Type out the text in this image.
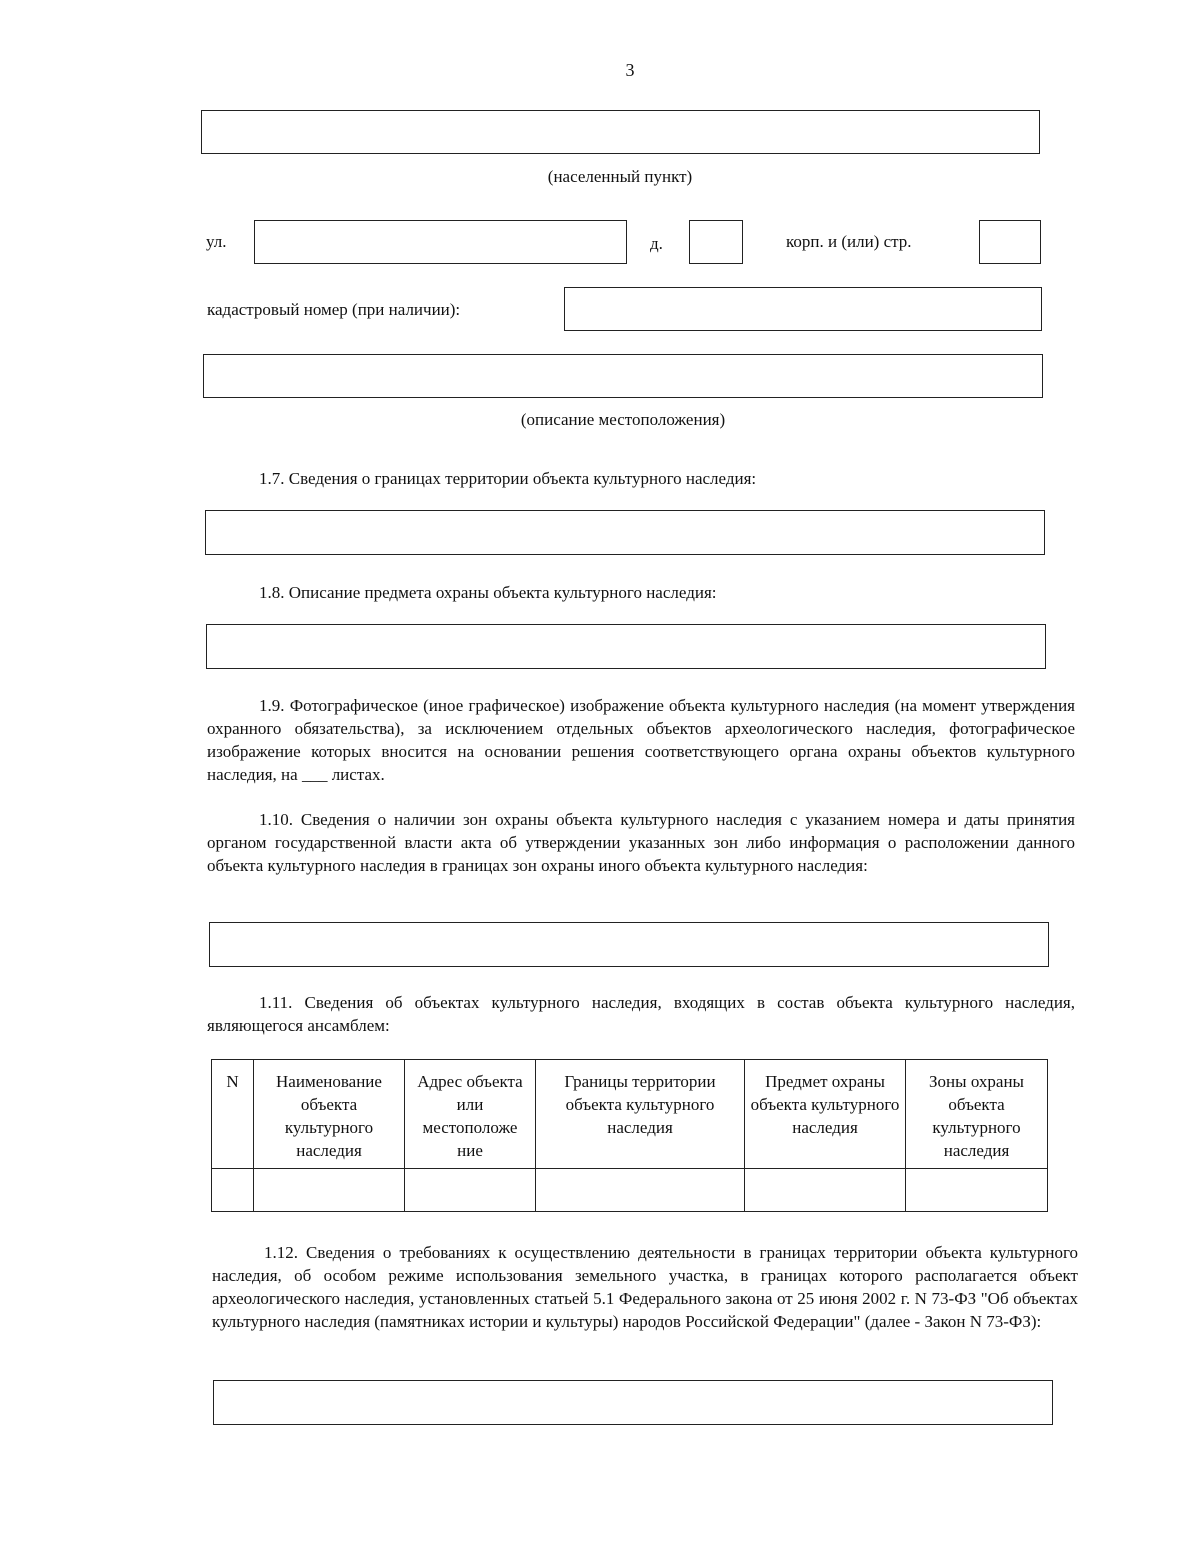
3
(населенный пункт)
ул.	д.	корп. и (или) стр.
кадастровый номер (при наличии):
(описание местоположения)
1.7. Сведения о границах территории объекта культурного наследия:
1.8. Описание предмета охраны объекта культурного наследия:
1.9. Фотографическое (иное графическое) изображение объекта культурного наследия (на момент утверждения охранного обязательства), за исключением отдельных объектов археологического наследия, фотографическое изображение которых вносится на основании решения соответствующего органа охраны объектов культурного наследия, на ___ листах.
1.10. Сведения о наличии зон охраны объекта культурного наследия с указанием номера и даты принятия органом государственной власти акта об утверждении указанных зон либо информация о расположении данного объекта культурного наследия в границах зон охраны иного объекта культурного наследия:
1.11. Сведения об объектах культурного наследия, входящих в состав объекта культурного наследия, являющегося ансамблем:
N	Наименование объекта культурного наследия	Адрес объекта или местоположе ние	Границы территории объекта культурного наследия	Предмет охраны объекта культурного наследия	Зоны охраны объекта культурного наследия

1.12. Сведения о требованиях к осуществлению деятельности в границах территории объекта культурного наследия, об особом режиме использования земельного участка, в границах которого располагается объект археологического наследия, установленных статьей 5.1 Федерального закона от 25 июня 2002 г. N 73-ФЗ "Об объектах культурного наследия (памятниках истории и культуры) народов Российской Федерации" (далее - Закон N 73-ФЗ):
